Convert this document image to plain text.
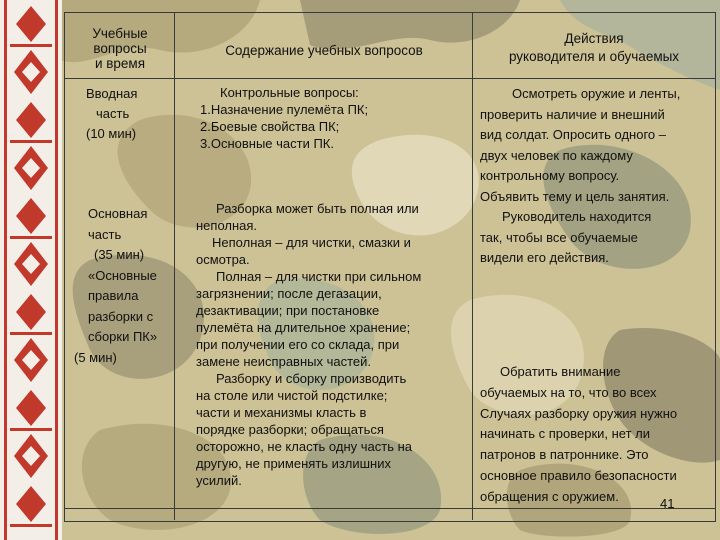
Учебные
вопросы
и время
Содержание учебных вопросов
Действия
руководителя и обучаемых
Вводная
часть
(10 мин)
Контрольные вопросы:
1.Назначение пулемёта ПК;
2.Боевые свойства ПК;
3.Основные части ПК.
Осмотреть оружие и ленты,
проверить наличие и внешний
вид солдат. Опросить одного –
двух человек по каждому
контрольному вопросу.
Объявить тему и цель занятия.
Руководитель находится
так, чтобы все обучаемые
видели его действия.
Основная
часть
(35 мин)
«Основные
правила
разборки с
сборки ПК»
(5 мин)
Разборка может быть полная или
неполная.
Неполная – для чистки, смазки и
осмотра.
Полная – для чистки при сильном
загрязнении; после дегазации,
дезактивации; при постановке
пулемёта на длительное хранение;
при получении его со склада, при
замене неисправных частей.
Разборку и сборку производить
на столе или чистой подстилке;
части и механизмы класть в
порядке разборки; обращаться
осторожно, не класть одну часть на
другую, не применять излишних
усилий.
Обратить внимание
обучаемых на то, что во всех
Случаях разборку оружия нужно
начинать с проверки, нет ли
патронов в патроннике. Это
основное правило безопасности
обращения с оружием.	41
